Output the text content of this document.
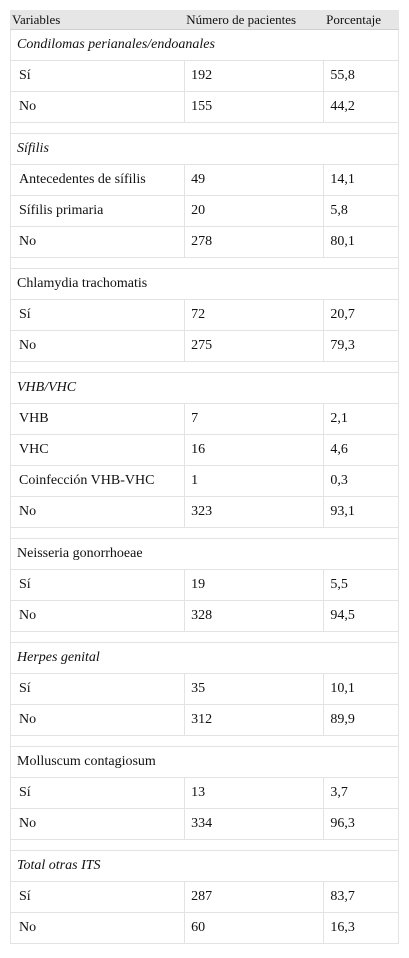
Variables	Número de pacientes	Porcentaje
Condilomas perianales/endoanales
Sí	192	55,8
No	155	44,2
Sífilis
Antecedentes de sífilis	49	14,1
Sífilis primaria	20	5,8
No	278	80,1
Chlamydia trachomatis
Sí	72	20,7
No	275	79,3
VHB/VHC
VHB	7	2,1
VHC	16	4,6
Coinfección VHB-VHC	1	0,3
No	323	93,1
Neisseria gonorrhoeae
Sí	19	5,5
No	328	94,5
Herpes genital
Sí	35	10,1
No	312	89,9
Molluscum contagiosum
Sí	13	3,7
No	334	96,3
Total otras ITS
Sí	287	83,7
No	60	16,3
